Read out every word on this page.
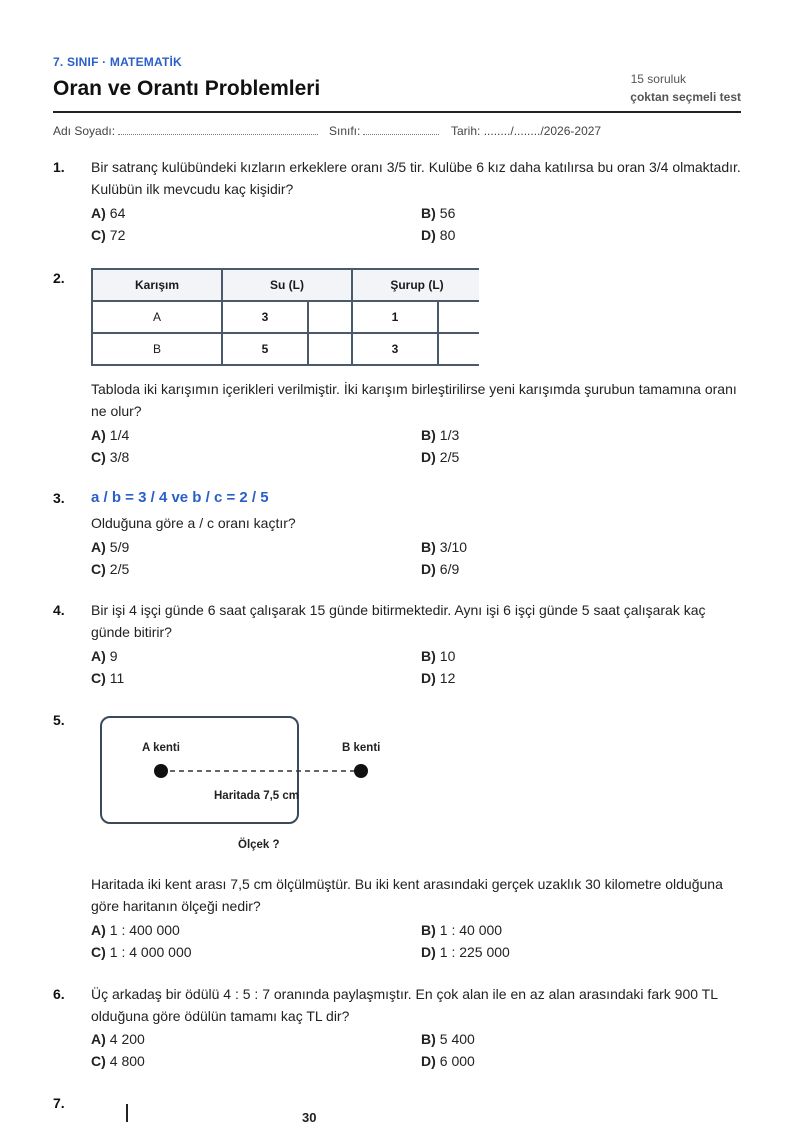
7. SINIF · MATEMATİK
Oran ve Orantı Problemleri	15 soruluk
çoktan seçmeli test
Adı Soyadı:	Sınıfı:	Tarih: ......../......../2026-2027
1. Bir satranç kulübündeki kızların erkeklere oranı 3/5 tir. Kulübe 6 kız daha katılırsa bu oran 3/4 olmaktadır. Kulübün ilk mevcudu kaç kişidir?
A) 64	B) 56
C) 72	D) 80
2.	Karışım	Su (L)		Şurup (L)	
A	3		1	
B	5		3	
Tabloda iki karışımın içerikleri verilmiştir. İki karışım birleştirilirse yeni karışımda şurubun tamamına oranı ne olur?
A) 1/4	B) 1/3
C) 3/8	D) 2/5
3. a / b = 3 / 4 ve b / c = 2 / 5
Olduğuna göre a / c oranı kaçtır?
A) 5/9	B) 3/10
C) 2/5	D) 6/9
4. Bir işi 4 işçi günde 6 saat çalışarak 15 günde bitirmektedir. Aynı işi 6 işçi günde 5 saat çalışarak kaç günde bitirir?
A) 9	B) 10
C) 11	D) 12
5.
A kenti	B kenti
Haritada 7,5 cm
Ölçek ?
Haritada iki kent arası 7,5 cm ölçülmüştür. Bu iki kent arasındaki gerçek uzaklık 30 kilometre olduğuna göre haritanın ölçeği nedir?
A) 1 : 400 000	B) 1 : 40 000
C) 1 : 4 000 000	D) 1 : 225 000
6. Üç arkadaş bir ödülü 4 : 5 : 7 oranında paylaşmıştır. En çok alan ile en az alan arasındaki fark 900 TL olduğuna göre ödülün tamamı kaç TL dir?
A) 4 200	B) 5 400
C) 4 800	D) 6 000
7.
30
